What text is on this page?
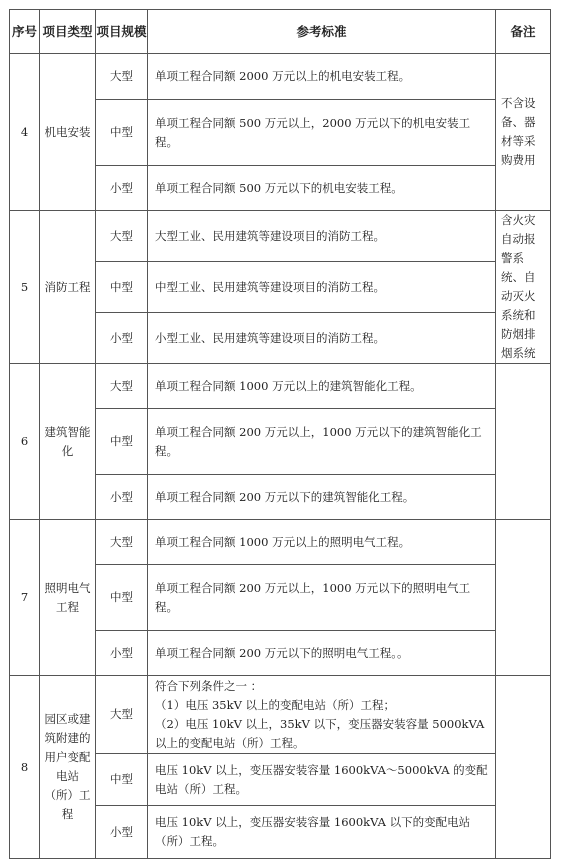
序号	项目类型	项目规模	参考标准	备注
4	机电安装	大型	单项工程合同额 2000 万元以上的机电安装工程。	不含设备、器材等采购费用
		中型	单项工程合同额 500 万元以上，2000 万元以下的机电安装工程。	

		小型	单项工程合同额 500 万元以下的机电安装工程。	

5	消防工程	大型	大型工业、民用建筑等建设项目的消防工程。	含火灾自动报警系统、自动灭火系统和防烟排烟系统
		中型	中型工业、民用建筑等建设项目的消防工程。	

		小型	小型工业、民用建筑等建设项目的消防工程。	

6	建筑智能化	大型	单项工程合同额 1000 万元以上的建筑智能化工程。	

		中型	单项工程合同额 200 万元以上，1000 万元以下的建筑智能化工程。	

		小型	单项工程合同额 200 万元以下的建筑智能化工程。	

7	照明电气工程	大型	单项工程合同额 1000 万元以上的照明电气工程。	

		中型	单项工程合同额 200 万元以上，1000 万元以下的照明电气工程。	

		小型	单项工程合同额 200 万元以下的照明电气工程。。	

8	园区或建筑附建的用户变配电站（所）工程	大型	符合下列条件之一 ：
（1）电压 35kV 以上的变配电站（所）工程；
（2）电压 10kV 以上，35kV 以下，变压器安装容量 5000kVA 以上的变配电站（所）工程。	

		中型	电压 10kV 以上，变压器安装容量 1600kVA～5000kVA 的变配电站（所）工程。	

		小型	电压 10kV 以上，变压器安装容量 1600kVA 以下的变配电站（所）工程。	
